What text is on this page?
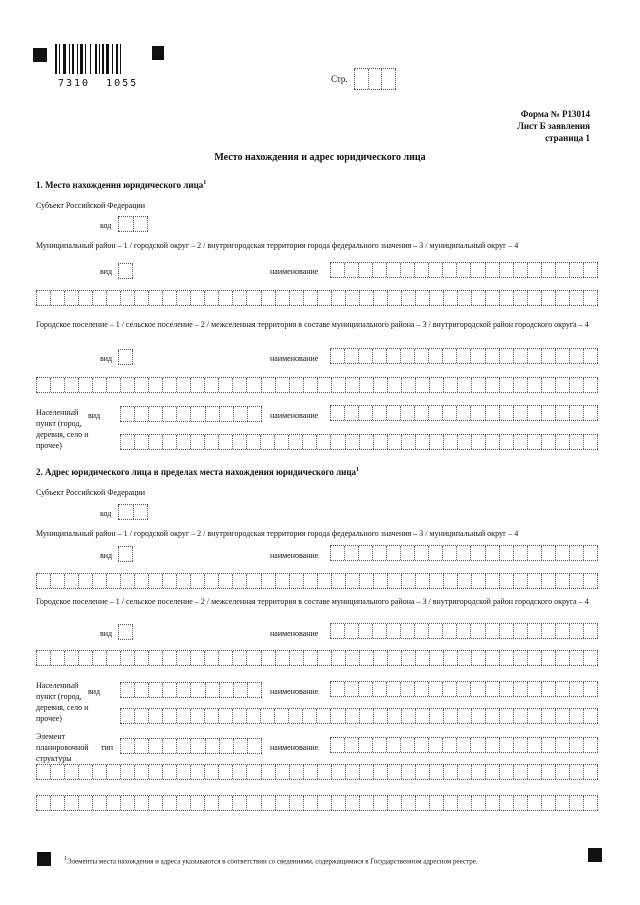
7310  1055	Стр.
Форма № Р13014
Лист Б заявления
страница 1
Место нахождения и адрес юридического лица
1. Место нахождения юридического лица$^1$
Субъект Российской Федерации
код
Муниципальный район – 1 / городской округ – 2 / внутригородская территория города федерального значения – 3 / муниципальный округ – 4
вид	наименование
Городское поселение – 1 / сельское поселение – 2 / межселенная территория в составе муниципального района – 3 / внутригородской район городского округа – 4
вид	наименование
Населенный пункт (город, деревня, село и прочее)
вид	наименование
2. Адрес юридического лица в пределах места нахождения юридического лица$^1$
Субъект Российской Федерации
код
Муниципальный район – 1 / городской округ – 2 / внутригородская территория города федерального значения – 3 / муниципальный округ – 4
вид	наименование
Городское поселение – 1 / сельское поселение – 2 / межселенная территория в составе муниципального района – 3 / внутригородской район городского округа – 4
вид	наименование
Населенный пункт (город, деревня, село и прочее)
вид	наименование
Элемент планировочной структуры
тип	наименование
$^1$Элементы места нахождения и адреса указываются в соответствии со сведениями, содержащимися в Государственном адресном реестре.
